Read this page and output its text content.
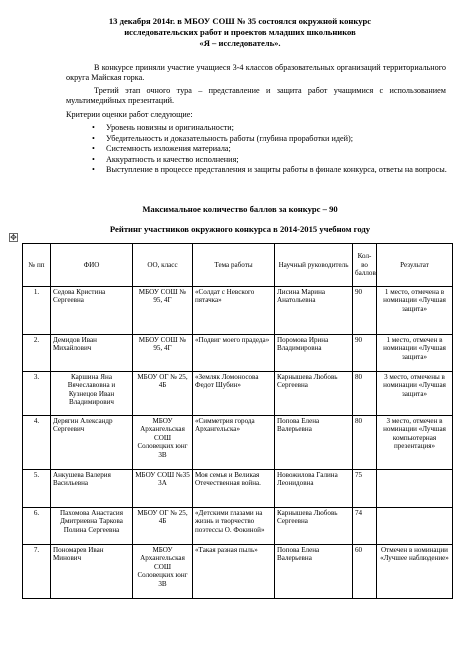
13 декабря 2014г. в МБОУ СОШ № 35 состоялся окружной конкурс
исследовательских работ и проектов младших школьников
«Я – исследователь».
В конкурсе приняли участие учащиеся 3-4 классов образовательных организаций территориального округа Майская горка.
Третий этап очного тура – представление и защита работ учащимися с использованием мультимедийных презентаций.
Критерии оценки работ следующие:
• Уровень новизны и оригинальности;
• Убедительность и доказательность работы (глубина проработки идей);
• Системность изложения материала;
• Аккуратность и качество исполнения;
• Выступление в процессе представления и защиты работы в финале конкурса, ответы на вопросы.
Максимальное количество баллов за конкурс – 90
Рейтинг участников окружного конкурса в 2014-2015 учебном году
✥
№ пп	ФИО	ОО, класс	Тема работы	Научный руководитель	Кол-во баллов	Результат
1.	Седова Кристина Сергеевна	МБОУ СОШ № 95, 4Г	«Солдат с Невского пятачка»	Лисина Марина Анатольевна	90	1 место, отмечена в номинации «Лучшая защита»
2.	Демидов Иван Михайлович	МБОУ СОШ № 95, 4Г	«Подвиг моего прадеда»	Поромова Ирина Владимировна	90	1 место, отмечен в номинации «Лучшая защита»
3.	Каршина Яна Вячеславовна и Кузнецов Иван Владимирович	МБОУ ОГ № 25, 4Б	«Земляк Ломоносова Федот Шубин»	Карнышева Любовь Сергеевна	80	3 место, отмечены в номинации «Лучшая защита»
4.	Дерягин Александр Сергеевич	МБОУ Архангельская СОШ Соловецких юнг 3В	«Симметрия города Архангельска»	Попова Елена Валерьевна	80	3 место, отмечен в номинации «Лучшая компьютерная презентация»
5.	Анкушева Валерия Васильевна	МБОУ СОШ №35 3А	Моя семья и Великая Отечественная война.	Новожилова Галина Леонидовна	75	
6.	Пахомова Анастасия Дмитриевна Таркова Полина Сергеевна	МБОУ ОГ № 25, 4Б	«Детскими глазами на жизнь и творчество поэтессы О. Фокиной»	Карнышева Любовь Сергеевна	74	
7.	Пономарев Иван Минович	МБОУ Архангельская СОШ Соловецких юнг 3В	«Такая разная пыль»	Попова Елена Валерьевна	60	Отмечен в номинации «Лучшее наблюдение»
